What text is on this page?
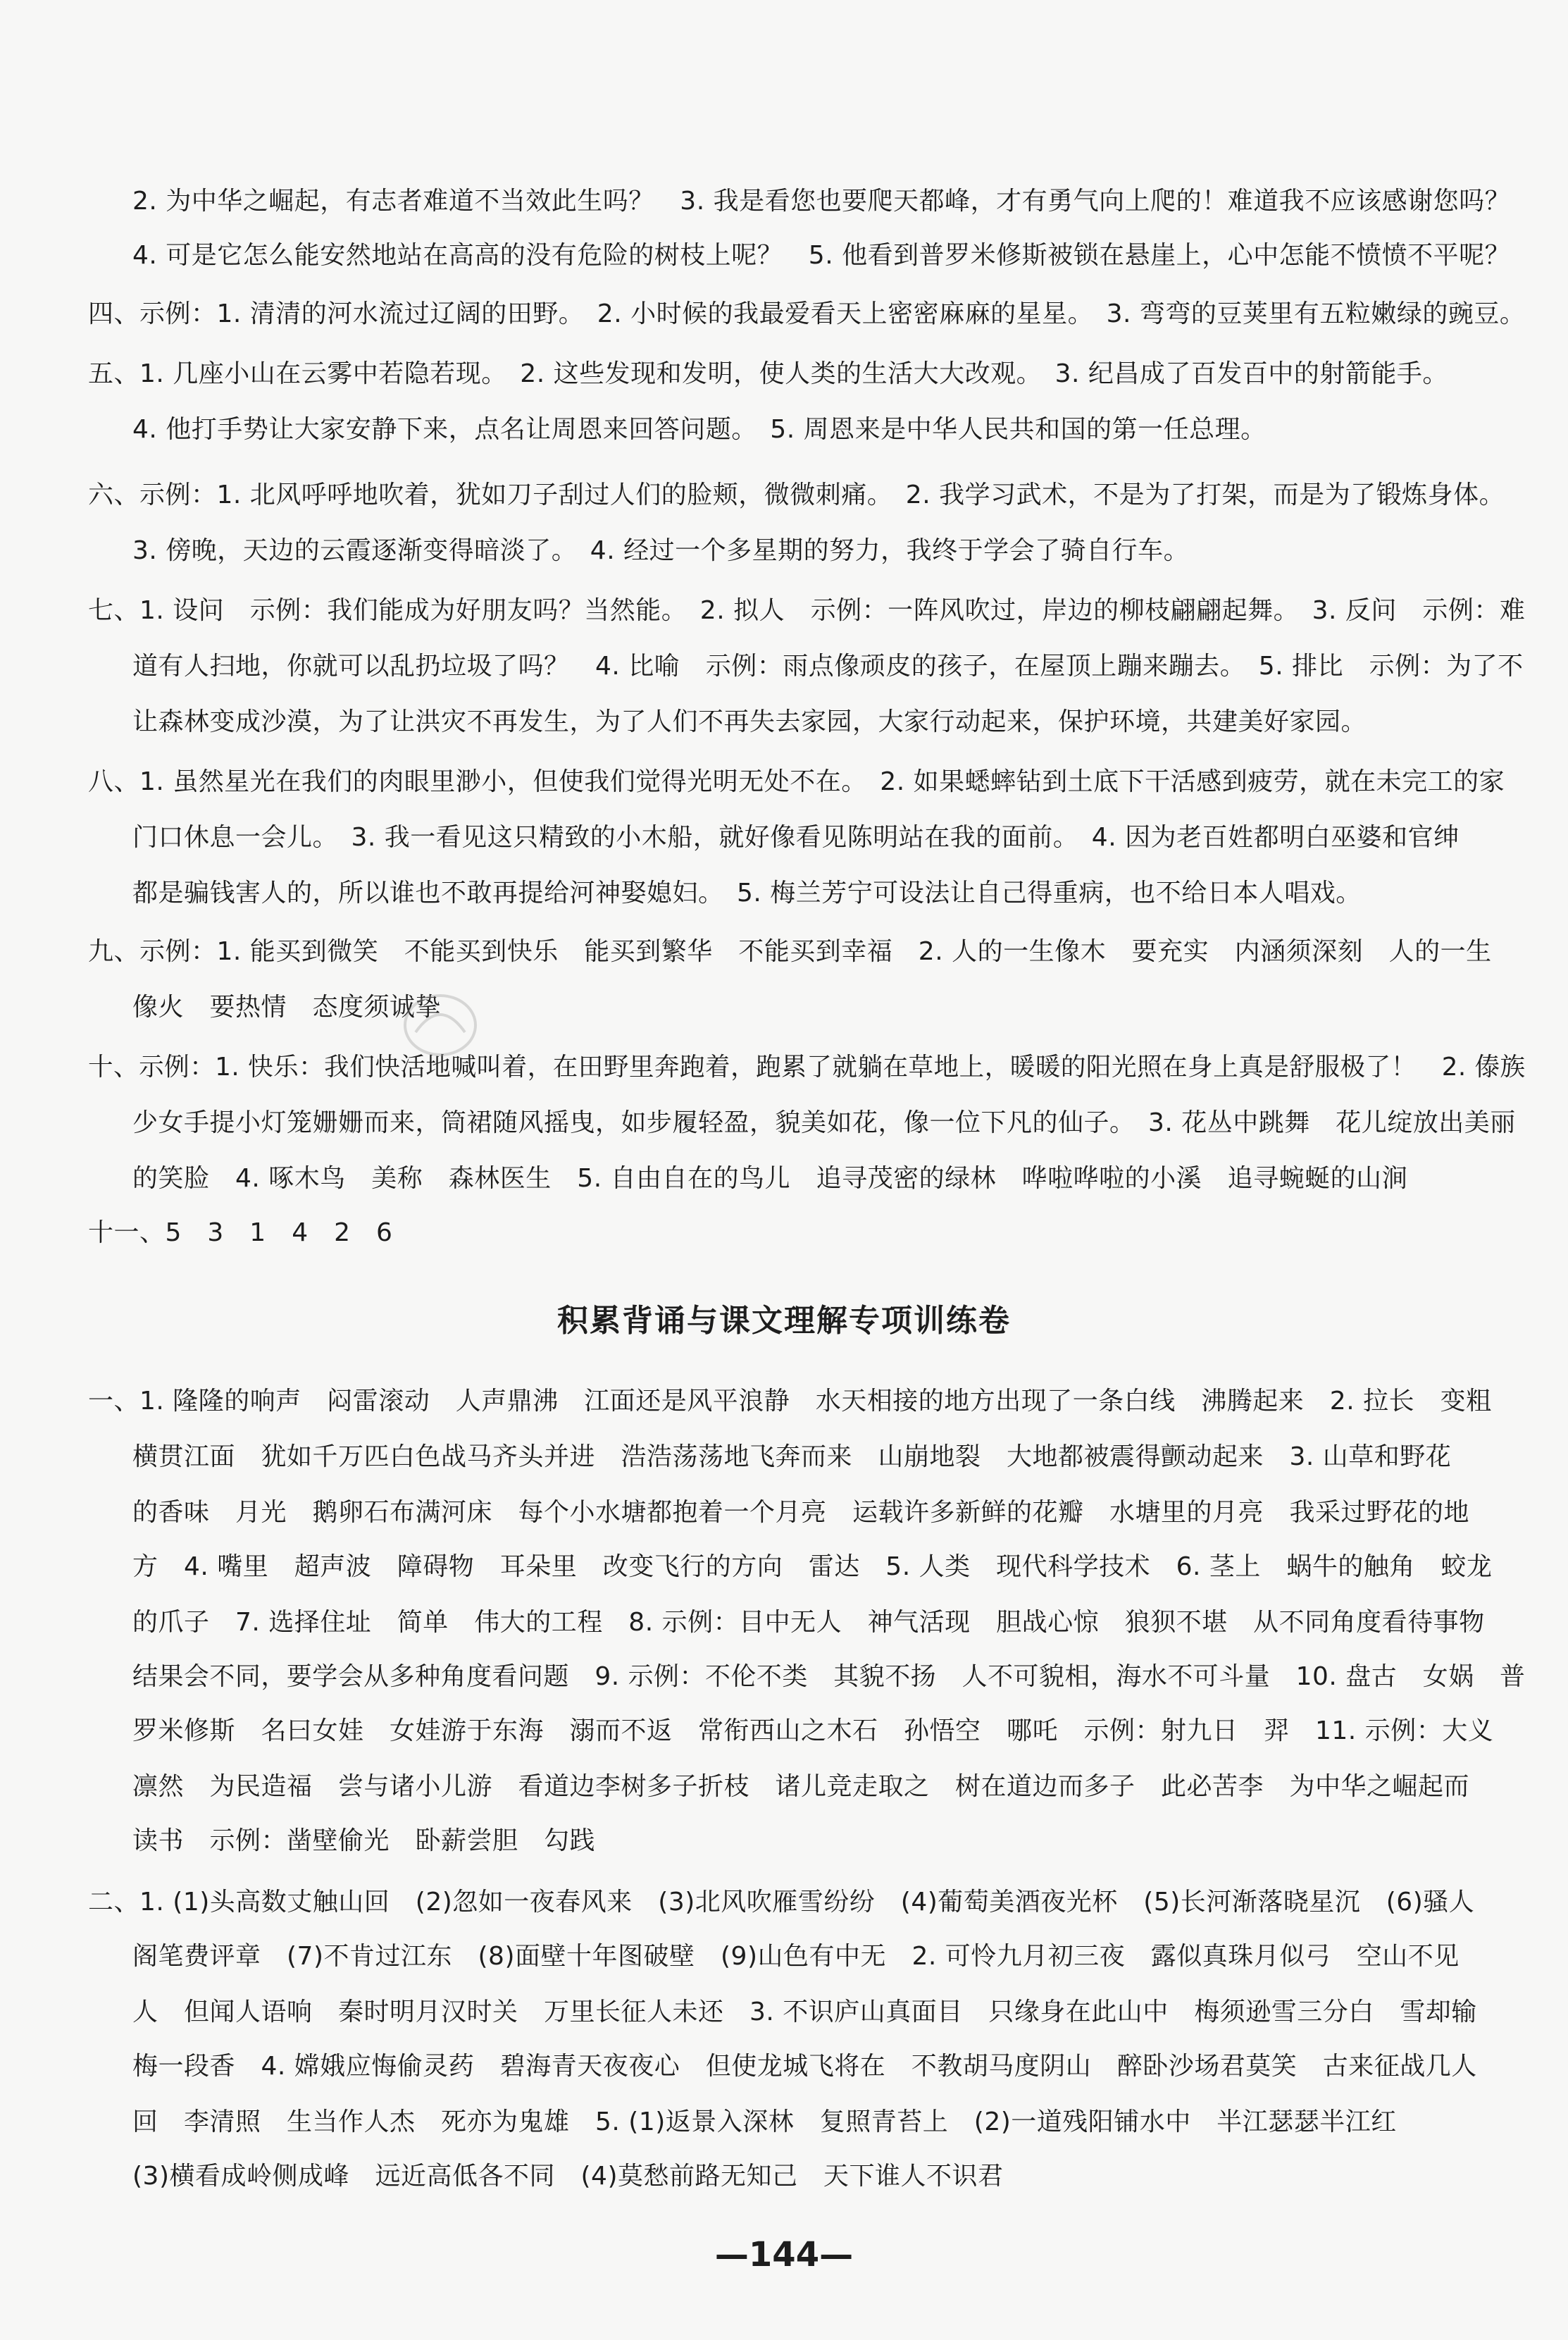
2. 为中华之崛起，有志者难道不当效此生吗？　3. 我是看您也要爬天都峰，才有勇气向上爬的！难道我不应该感谢您吗？
4. 可是它怎么能安然地站在高高的没有危险的树枝上呢？　5. 他看到普罗米修斯被锁在悬崖上，心中怎能不愤愤不平呢？
四、示例：1. 清清的河水流过辽阔的田野。　2. 小时候的我最爱看天上密密麻麻的星星。　3. 弯弯的豆荚里有五粒嫩绿的豌豆。
五、1. 几座小山在云雾中若隐若现。　2. 这些发现和发明，使人类的生活大大改观。　3. 纪昌成了百发百中的射箭能手。
4. 他打手势让大家安静下来，点名让周恩来回答问题。　5. 周恩来是中华人民共和国的第一任总理。
六、示例：1. 北风呼呼地吹着，犹如刀子刮过人们的脸颊，微微刺痛。　2. 我学习武术，不是为了打架，而是为了锻炼身体。
3. 傍晚，天边的云霞逐渐变得暗淡了。　4. 经过一个多星期的努力，我终于学会了骑自行车。
七、1. 设问　示例：我们能成为好朋友吗？当然能。　2. 拟人　示例：一阵风吹过，岸边的柳枝翩翩起舞。　3. 反问　示例：难
道有人扫地，你就可以乱扔垃圾了吗？　4. 比喻　示例：雨点像顽皮的孩子，在屋顶上蹦来蹦去。　5. 排比　示例：为了不
让森林变成沙漠，为了让洪灾不再发生，为了人们不再失去家园，大家行动起来，保护环境，共建美好家园。
八、1. 虽然星光在我们的肉眼里渺小，但使我们觉得光明无处不在。　2. 如果蟋蟀钻到土底下干活感到疲劳，就在未完工的家
门口休息一会儿。　3. 我一看见这只精致的小木船，就好像看见陈明站在我的面前。　4. 因为老百姓都明白巫婆和官绅
都是骗钱害人的，所以谁也不敢再提给河神娶媳妇。　5. 梅兰芳宁可设法让自己得重病，也不给日本人唱戏。
九、示例：1. 能买到微笑　不能买到快乐　能买到繁华　不能买到幸福　2. 人的一生像木　要充实　内涵须深刻　人的一生
像火　要热情　态度须诚挚
十、示例：1. 快乐：我们快活地喊叫着，在田野里奔跑着，跑累了就躺在草地上，暖暖的阳光照在身上真是舒服极了！　2. 傣族
少女手提小灯笼姗姗而来，筒裙随风摇曳，如步履轻盈，貌美如花，像一位下凡的仙子。　3. 花丛中跳舞　花儿绽放出美丽
的笑脸　4. 啄木鸟　美称　森林医生　5. 自由自在的鸟儿　追寻茂密的绿林　哗啦哗啦的小溪　追寻蜿蜒的山涧
十一、5　3　1　4　2　6
积累背诵与课文理解专项训练卷
一、1. 隆隆的响声　闷雷滚动　人声鼎沸　江面还是风平浪静　水天相接的地方出现了一条白线　沸腾起来　2. 拉长　变粗
横贯江面　犹如千万匹白色战马齐头并进　浩浩荡荡地飞奔而来　山崩地裂　大地都被震得颤动起来　3. 山草和野花
的香味　月光　鹅卵石布满河床　每个小水塘都抱着一个月亮　运载许多新鲜的花瓣　水塘里的月亮　我采过野花的地
方　4. 嘴里　超声波　障碍物　耳朵里　改变飞行的方向　雷达　5. 人类　现代科学技术　6. 茎上　蜗牛的触角　蛟龙
的爪子　7. 选择住址　简单　伟大的工程　8. 示例：目中无人　神气活现　胆战心惊　狼狈不堪　从不同角度看待事物
结果会不同，要学会从多种角度看问题　9. 示例：不伦不类　其貌不扬　人不可貌相，海水不可斗量　10. 盘古　女娲　普
罗米修斯　名曰女娃　女娃游于东海　溺而不返　常衔西山之木石　孙悟空　哪吒　示例：射九日　羿　11. 示例：大义
凛然　为民造福　尝与诸小儿游　看道边李树多子折枝　诸儿竞走取之　树在道边而多子　此必苦李　为中华之崛起而
读书　示例：凿壁偷光　卧薪尝胆　勾践
二、1. (1)头高数丈触山回　(2)忽如一夜春风来　(3)北风吹雁雪纷纷　(4)葡萄美酒夜光杯　(5)长河渐落晓星沉　(6)骚人
阁笔费评章　(7)不肯过江东　(8)面壁十年图破壁　(9)山色有中无　2. 可怜九月初三夜　露似真珠月似弓　空山不见
人　但闻人语响　秦时明月汉时关　万里长征人未还　3. 不识庐山真面目　只缘身在此山中　梅须逊雪三分白　雪却输
梅一段香　4. 嫦娥应悔偷灵药　碧海青天夜夜心　但使龙城飞将在　不教胡马度阴山　醉卧沙场君莫笑　古来征战几人
回　李清照　生当作人杰　死亦为鬼雄　5. (1)返景入深林　复照青苔上　(2)一道残阳铺水中　半江瑟瑟半江红
(3)横看成岭侧成峰　远近高低各不同　(4)莫愁前路无知己　天下谁人不识君
—144—
